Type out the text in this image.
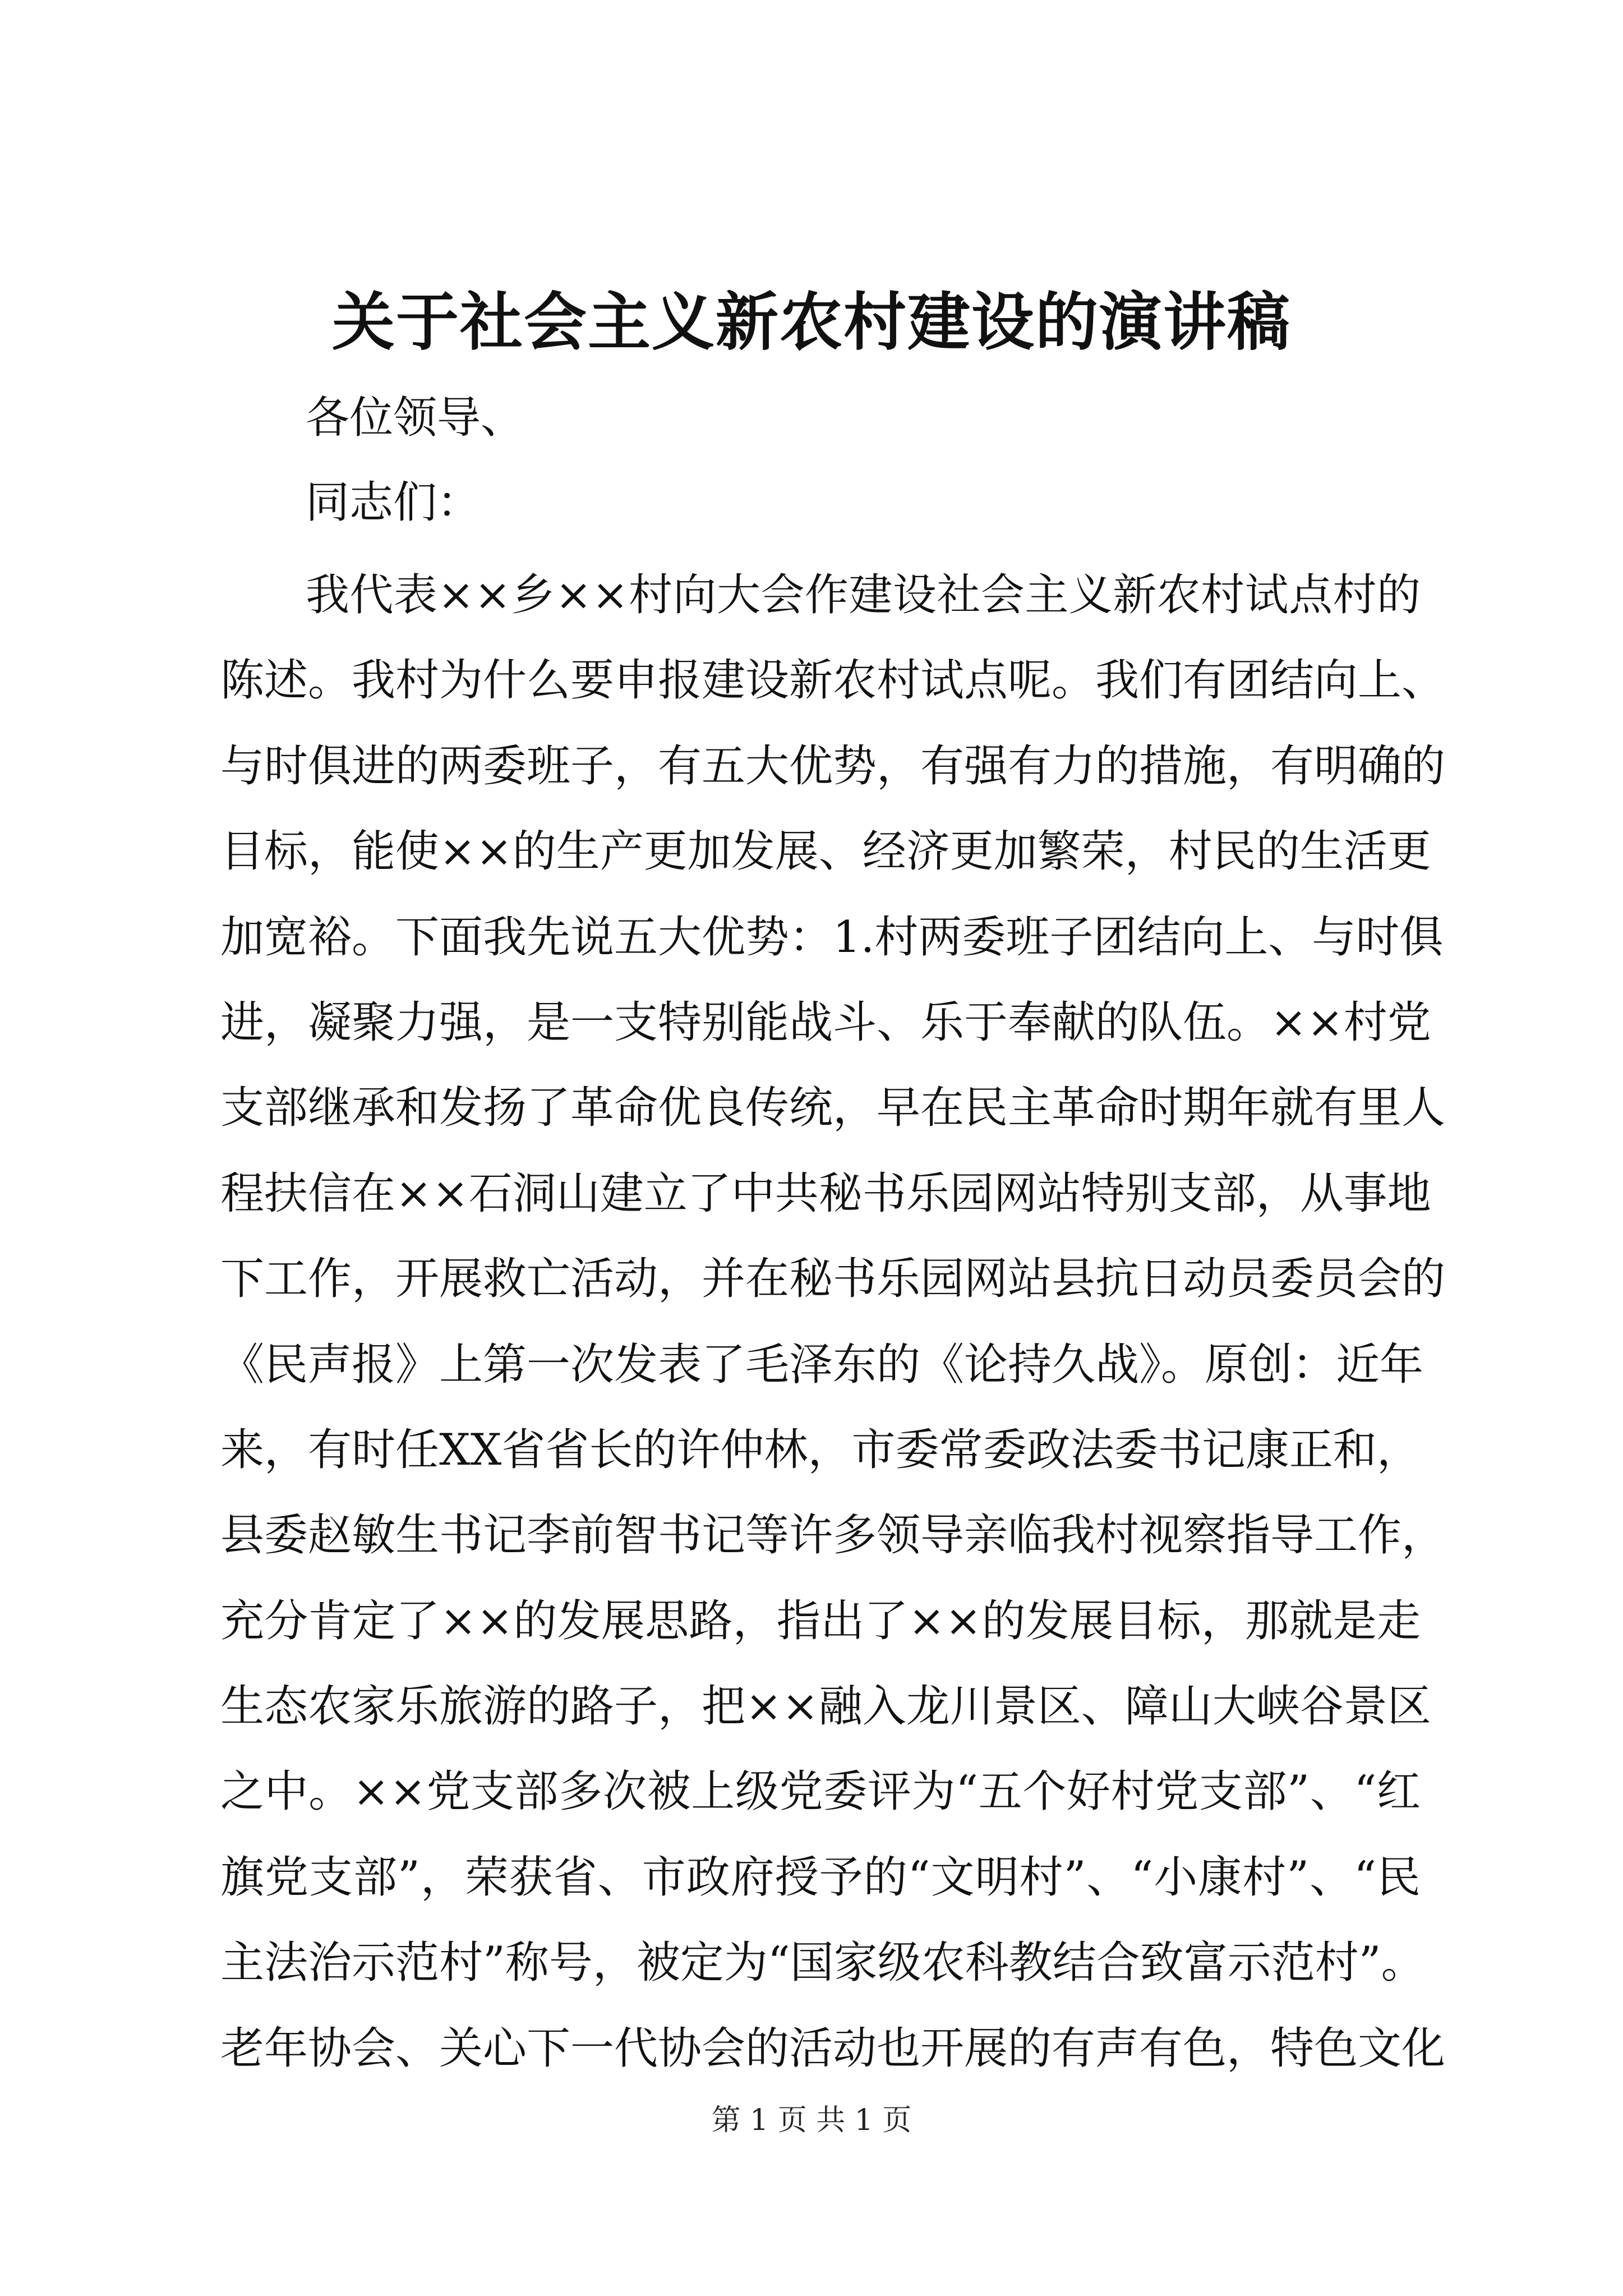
关于社会主义新农村建设的演讲稿
各位领导、
同志们：
我代表××乡××村向大会作建设社会主义新农村试点村的
陈述。我村为什么要申报建设新农村试点呢。我们有团结向上、
与时俱进的两委班子，有五大优势，有强有力的措施，有明确的
目标，能使××的生产更加发展、经济更加繁荣，村民的生活更
加宽裕。下面我先说五大优势：1.村两委班子团结向上、与时俱
进，凝聚力强，是一支特别能战斗、乐于奉献的队伍。××村党
支部继承和发扬了革命优良传统，早在民主革命时期年就有里人
程扶信在××石洞山建立了中共秘书乐园网站特别支部，从事地
下工作，开展救亡活动，并在秘书乐园网站县抗日动员委员会的
《民声报》上第一次发表了毛泽东的《论持久战》。原创：近年
来，有时任XX省省长的许仲林，市委常委政法委书记康正和，
县委赵敏生书记李前智书记等许多领导亲临我村视察指导工作，
充分肯定了××的发展思路，指出了××的发展目标，那就是走
生态农家乐旅游的路子，把××融入龙川景区、障山大峡谷景区
之中。××党支部多次被上级党委评为“五个好村党支部”、“红
旗党支部”，荣获省、市政府授予的“文明村”、“小康村”、“民
主法治示范村”称号，被定为“国家级农科教结合致富示范村”。
老年协会、关心下一代协会的活动也开展的有声有色，特色文化
第 1 页 共 1 页
